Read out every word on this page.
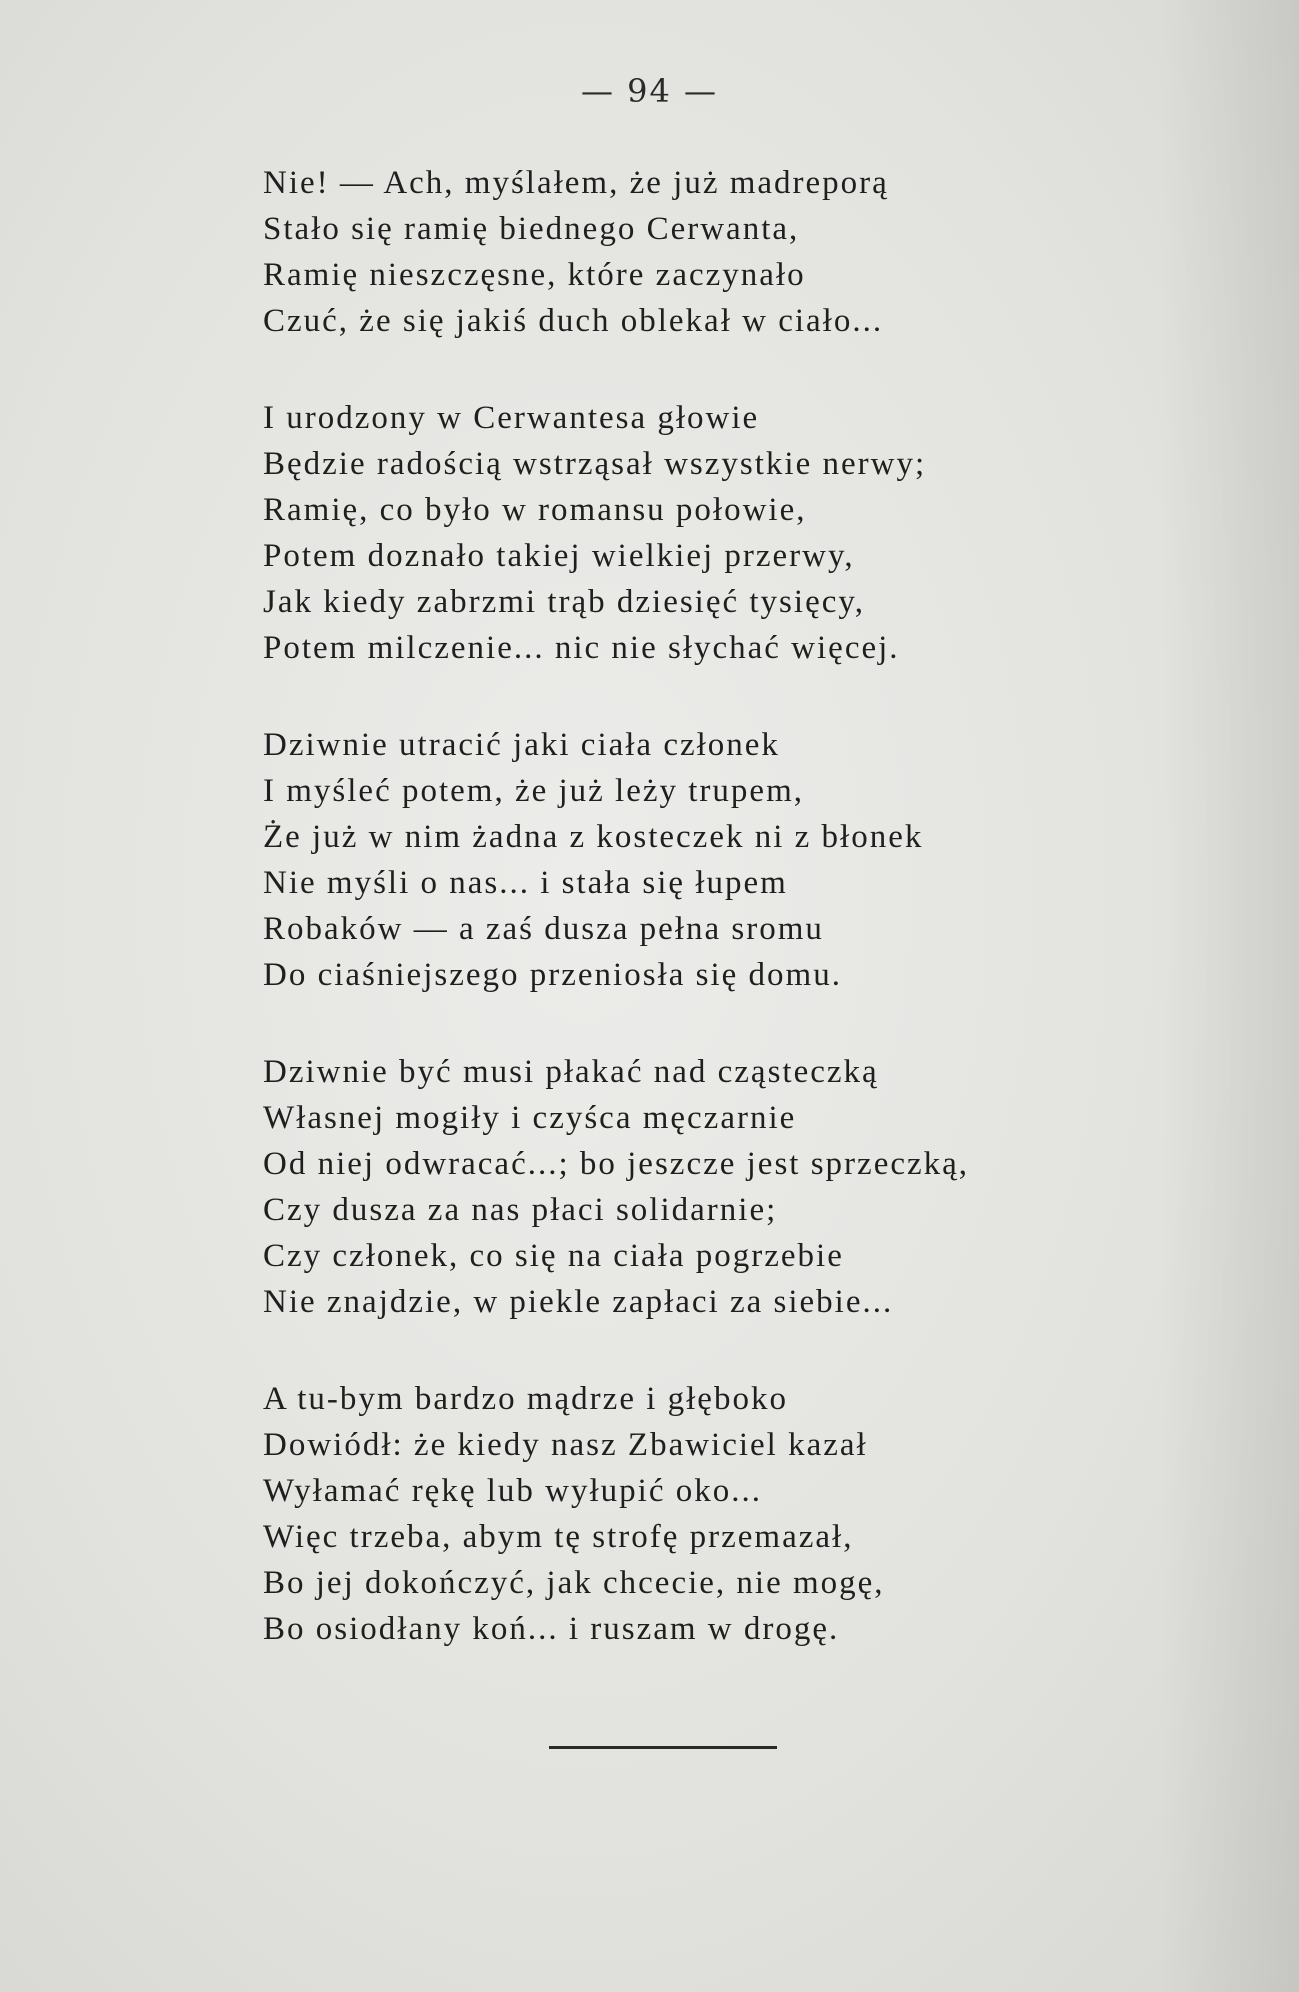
— 94 —
Nie! — Ach, myślałem, że już madreporą
Stało się ramię biednego Cerwanta,
Ramię nieszczęsne, które zaczynało
Czuć, że się jakiś duch oblekał w ciało...
I urodzony w Cerwantesa głowie
Będzie radością wstrząsał wszystkie nerwy;
Ramię, co było w romansu połowie,
Potem doznało takiej wielkiej przerwy,
Jak kiedy zabrzmi trąb dziesięć tysięcy,
Potem milczenie... nic nie słychać więcej.
Dziwnie utracić jaki ciała członek
I myśleć potem, że już leży trupem,
Że już w nim żadna z kosteczek ni z błonek
Nie myśli o nas... i stała się łupem
Robaków — a zaś dusza pełna sromu
Do ciaśniejszego przeniosła się domu.
Dziwnie być musi płakać nad cząsteczką
Własnej mogiły i czyśca męczarnie
Od niej odwracać...; bo jeszcze jest sprzeczką,
Czy dusza za nas płaci solidarnie;
Czy członek, co się na ciała pogrzebie
Nie znajdzie, w piekle zapłaci za siebie...
A tu-bym bardzo mądrze i głęboko
Dowiódł: że kiedy nasz Zbawiciel kazał
Wyłamać rękę lub wyłupić oko...
Więc trzeba, abym tę strofę przemazał,
Bo jej dokończyć, jak chcecie, nie mogę,
Bo osiodłany koń... i ruszam w drogę.
